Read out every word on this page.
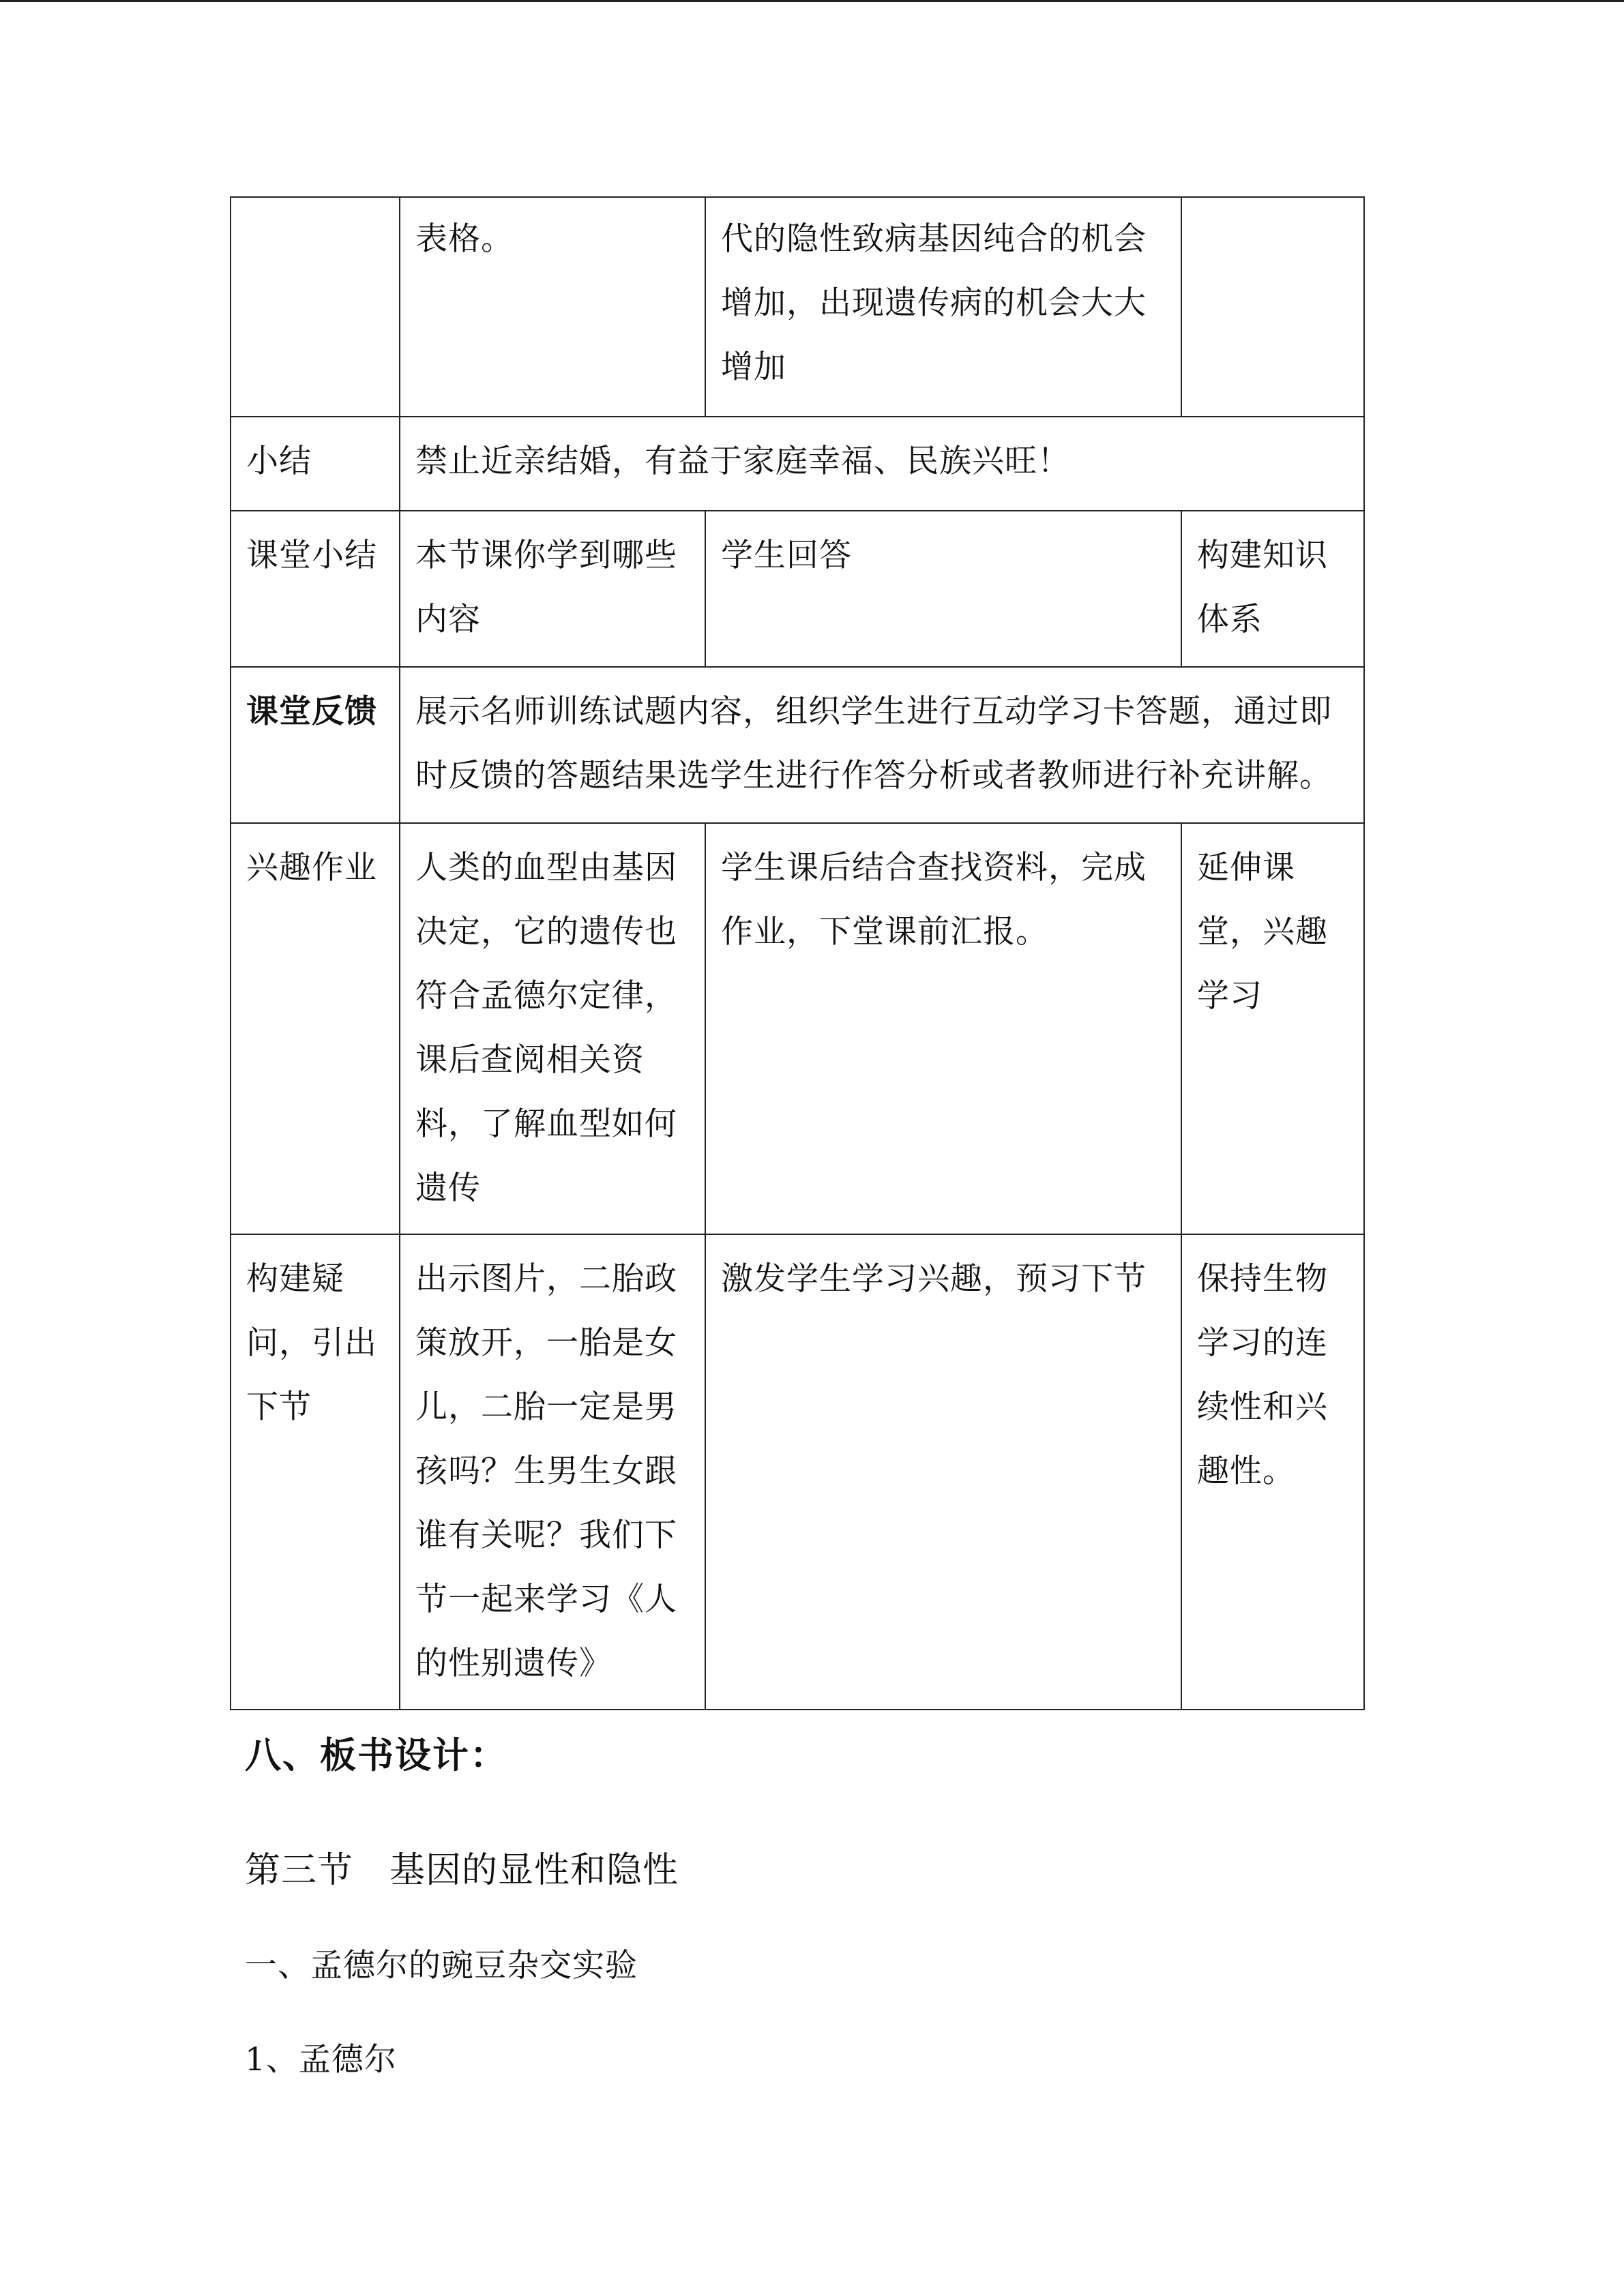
	表格。	代的隐性致病基因纯合的机会增加，出现遗传病的机会大大增加	
小结	禁止近亲结婚，有益于家庭幸福、民族兴旺！		
课堂小结	本节课你学到哪些内容	学生回答	构建知识体系
课堂反馈	展示名师训练试题内容，组织学生进行互动学习卡答题，通过即时反馈的答题结果选学生进行作答分析或者教师进行补充讲解。		
兴趣作业	人类的血型由基因决定，它的遗传也符合孟德尔定律，课后查阅相关资料，了解血型如何遗传	学生课后结合查找资料，完成作业，下堂课前汇报。	延伸课堂，兴趣学习
构建疑问，引出下节	出示图片，二胎政策放开，一胎是女儿，二胎一定是男孩吗？生男生女跟谁有关呢？我们下节一起来学习《人的性别遗传》	激发学生学习兴趣，预习下节	保持生物学习的连续性和兴趣性。
八、板书设计：
第三节　基因的显性和隐性
一、孟德尔的豌豆杂交实验
1、孟德尔
